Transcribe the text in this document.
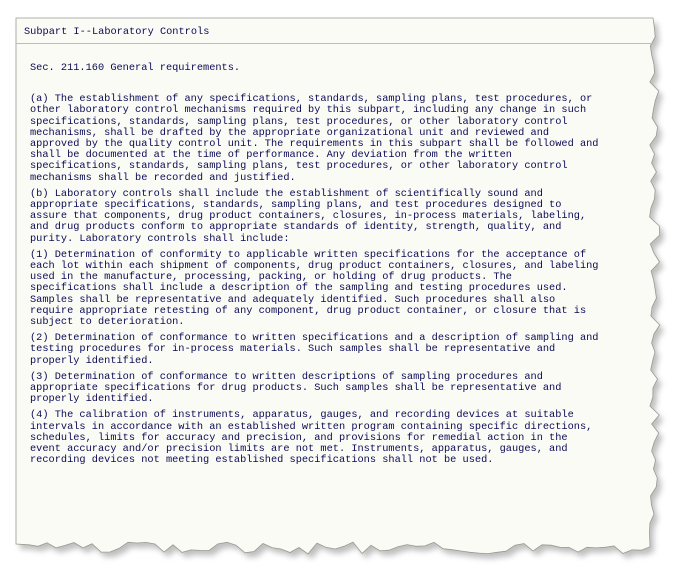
Subpart I--Laboratory Controls
Sec. 211.160 General requirements.
(a) The establishment of any specifications, standards, sampling plans, test procedures, or
other laboratory control mechanisms required by this subpart, including any change in such
specifications, standards, sampling plans, test procedures, or other laboratory control
mechanisms, shall be drafted by the appropriate organizational unit and reviewed and
approved by the quality control unit. The requirements in this subpart shall be followed and
shall be documented at the time of performance. Any deviation from the written
specifications, standards, sampling plans, test procedures, or other laboratory control
mechanisms shall be recorded and justified.
(b) Laboratory controls shall include the establishment of scientifically sound and
appropriate specifications, standards, sampling plans, and test procedures designed to
assure that components, drug product containers, closures, in-process materials, labeling,
and drug products conform to appropriate standards of identity, strength, quality, and
purity. Laboratory controls shall include:
(1) Determination of conformity to applicable written specifications for the acceptance of
each lot within each shipment of components, drug product containers, closures, and labeling
used in the manufacture, processing, packing, or holding of drug products. The
specifications shall include a description of the sampling and testing procedures used.
Samples shall be representative and adequately identified. Such procedures shall also
require appropriate retesting of any component, drug product container, or closure that is
subject to deterioration.
(2) Determination of conformance to written specifications and a description of sampling and
testing procedures for in-process materials. Such samples shall be representative and
properly identified.
(3) Determination of conformance to written descriptions of sampling procedures and
appropriate specifications for drug products. Such samples shall be representative and
properly identified.
(4) The calibration of instruments, apparatus, gauges, and recording devices at suitable
intervals in accordance with an established written program containing specific directions,
schedules, limits for accuracy and precision, and provisions for remedial action in the
event accuracy and/or precision limits are not met. Instruments, apparatus, gauges, and
recording devices not meeting established specifications shall not be used.
